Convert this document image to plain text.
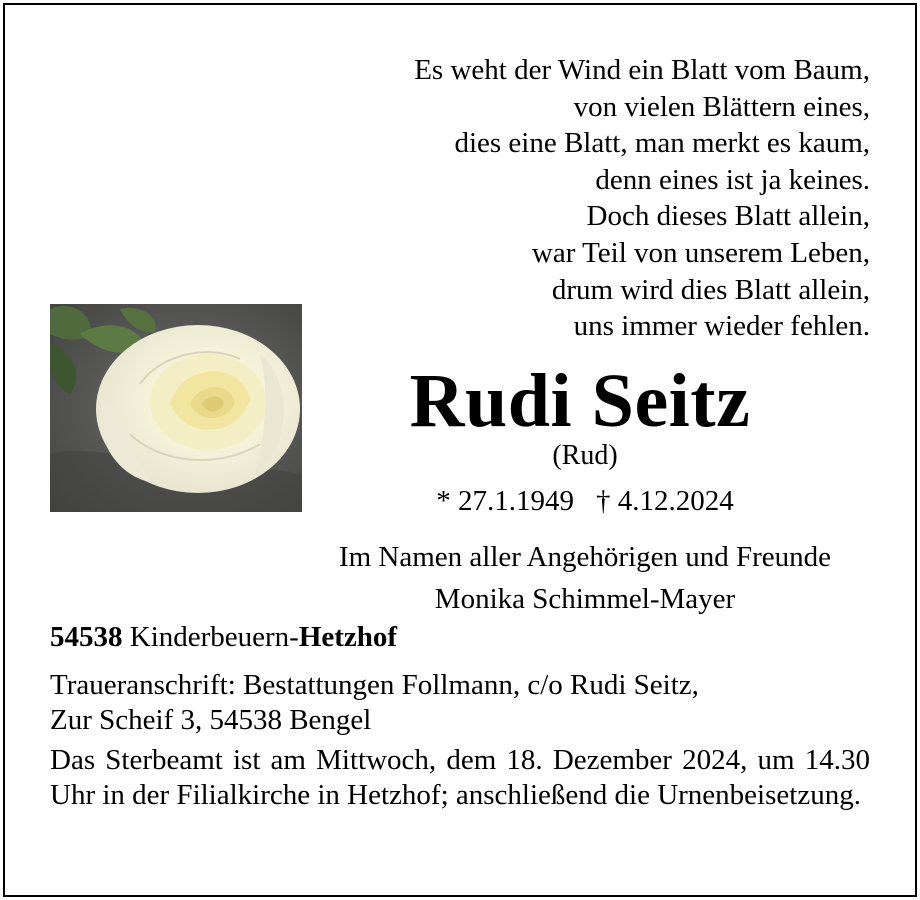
Es weht der Wind ein Blatt vom Baum,
von vielen Blättern eines,
dies eine Blatt, man merkt es kaum,
denn eines ist ja keines.
Doch dieses Blatt allein,
war Teil von unserem Leben,
drum wird dies Blatt allein,
uns immer wieder fehlen.
Rudi Seitz
(Rud)
* 27.1.1949 † 4.12.2024
Im Namen aller Angehörigen und Freunde
Monika Schimmel-Mayer
54538 Kinderbeuern-Hetzhof
Traueranschrift: Bestattungen Follmann, c/o Rudi Seitz,
Zur Scheif 3, 54538 Bengel
Das Sterbeamt ist am Mittwoch, dem 18. Dezember 2024, um 14.30 Uhr in der Filialkirche in Hetzhof; anschließend die Urnenbeisetzung.
